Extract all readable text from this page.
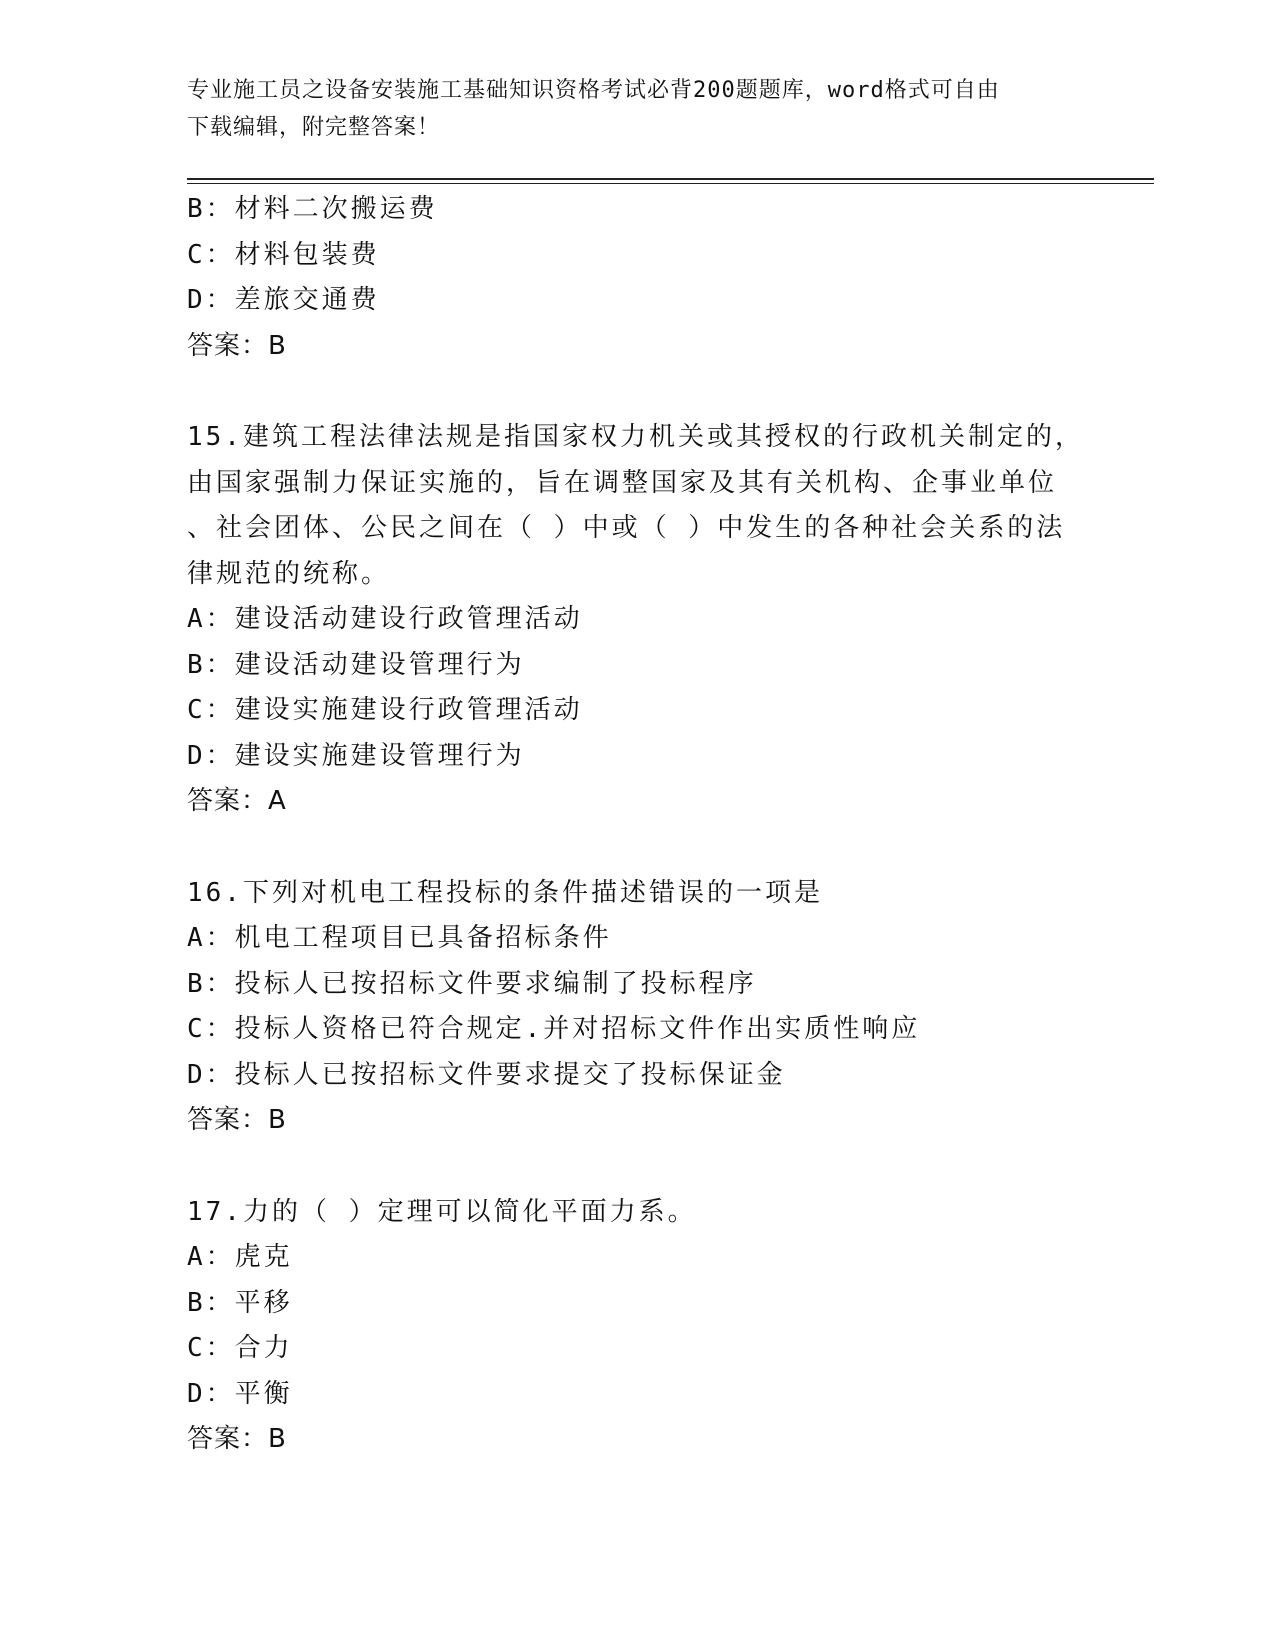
专业施工员之设备安装施工基础知识资格考试必背200题题库，word格式可自由
下载编辑，附完整答案！
B：材料二次搬运费
C：材料包装费
D：差旅交通费
答案：B
15.建筑工程法律法规是指国家权力机关或其授权的行政机关制定的，
由国家强制力保证实施的，旨在调整国家及其有关机构、企事业单位
、社会团体、公民之间在（ ）中或（ ）中发生的各种社会关系的法
律规范的统称。
A：建设活动建设行政管理活动
B：建设活动建设管理行为
C：建设实施建设行政管理活动
D：建设实施建设管理行为
答案：A
16.下列对机电工程投标的条件描述错误的一项是
A：机电工程项目已具备招标条件
B：投标人已按招标文件要求编制了投标程序
C：投标人资格已符合规定.并对招标文件作出实质性响应
D：投标人已按招标文件要求提交了投标保证金
答案：B
17.力的（ ）定理可以简化平面力系。
A：虎克
B：平移
C：合力
D：平衡
答案：B
